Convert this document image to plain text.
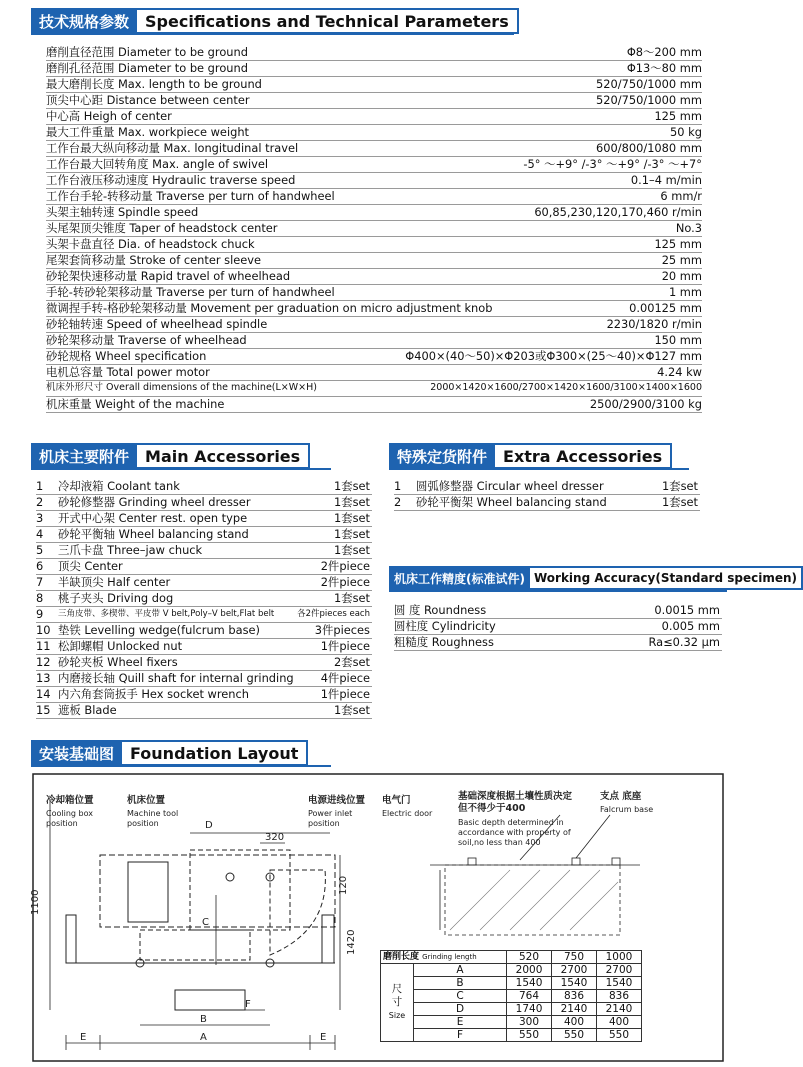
技术规格参数	Specifications and Technical Parameters
磨削直径范围 Diameter to be ground	Φ8～200 mm
磨削孔径范围 Diameter to be ground	Φ13～80 mm
最大磨削长度 Max. length to be ground	520/750/1000 mm
顶尖中心距 Distance between center	520/750/1000 mm
中心高 Heigh of center	125 mm
最大工件重量 Max. workpiece weight	50 kg
工作台最大纵向移动量 Max. longitudinal travel	600/800/1080 mm
工作台最大回转角度 Max. angle of swivel	-5° ～+9° /-3° ～+9° /-3° ～+7°
工作台液压移动速度 Hydraulic traverse speed	0.1–4 m/min
工作台手轮-转移动量 Traverse per turn of handwheel	6 mm/r
头架主轴转速 Spindle speed	60,85,230,120,170,460 r/min
头尾架顶尖锥度 Taper of headstock center	No.3
头架卡盘直径 Dia. of headstock chuck	125 mm
尾架套筒移动量 Stroke of center sleeve	25 mm
砂轮架快速移动量 Rapid travel of wheelhead	20 mm
手轮-转砂轮架移动量 Traverse per turn of handwheel	1 mm
微调捏手转-格砂轮架移动量 Movement per graduation on micro adjustment knob	0.00125 mm
砂轮轴转速 Speed of wheelhead spindle	2230/1820 r/min
砂轮架移动量 Traverse of wheelhead	150 mm
砂轮规格 Wheel specification	Φ400×(40～50)×Φ203或Φ300×(25～40)×Φ127 mm
电机总容量 Total power motor	4.24 kw
机床外形尺寸 Overall dimensions of the machine(L×W×H)	2000×1420×1600/2700×1420×1600/3100×1400×1600
机床重量 Weight of the machine	2500/2900/3100 kg
机床主要附件	Main Accessories
1	冷却液箱 Coolant tank	1套set
2	砂轮修整器 Grinding wheel dresser	1套set
3	开式中心架 Center rest. open type	1套set
4	砂轮平衡轴 Wheel balancing stand	1套set
5	三爪卡盘 Three–jaw chuck	1套set
6	顶尖 Center	2件piece
7	半缺顶尖 Half center	2件piece
8	桃子夹头 Driving dog	1套set
9	三角皮带、多楔带、平皮带 V belt,Poly–V belt,Flat belt	各2件pieces each
10 垫铁 Levelling wedge(fulcrum base)	3件pieces
11 松卸螺帽 Unlocked nut	1件piece
12 砂轮夹板 Wheel fixers	2套set
13 内磨接长轴 Quill shaft for internal grinding 4件piece
14 内六角套筒扳手 Hex socket wrench	1件piece
15 遮板 Blade	1套set
特殊定货附件	Extra Accessories
1	圆弧修整器 Circular wheel dresser	1套set
2	砂轮平衡架 Wheel balancing stand	1套set
机床工作精度(标准试件) Working Accuracy(Standard specimen)
圆 度 Roundness	0.0015 mm
圆柱度 Cylindricity	0.005 mm
粗糙度 Roughness	Ra≤0.32 μm
安装基础图	Foundation Layout
1100
1420
120
320
D
C
B
A
E	E
F
冷却箱位置
Cooling box
position
机床位置
Machine tool
position
电源进线位置
Power inlet
position
电气门
Electric door
基础深度根据土壤性质决定
但不得少于400
Basic depth determined in
accordance with property of
soil,no less than 400
支点 底座
Falcrum base
磨削长度 Grinding length		520	750	1000

尺
寸
Size	A	2000	2700	2700
	B	1540	1540	1540
	C	764	836	836
	D	1740	2140	2140
	E	300	400	400
	F	550	550	550
